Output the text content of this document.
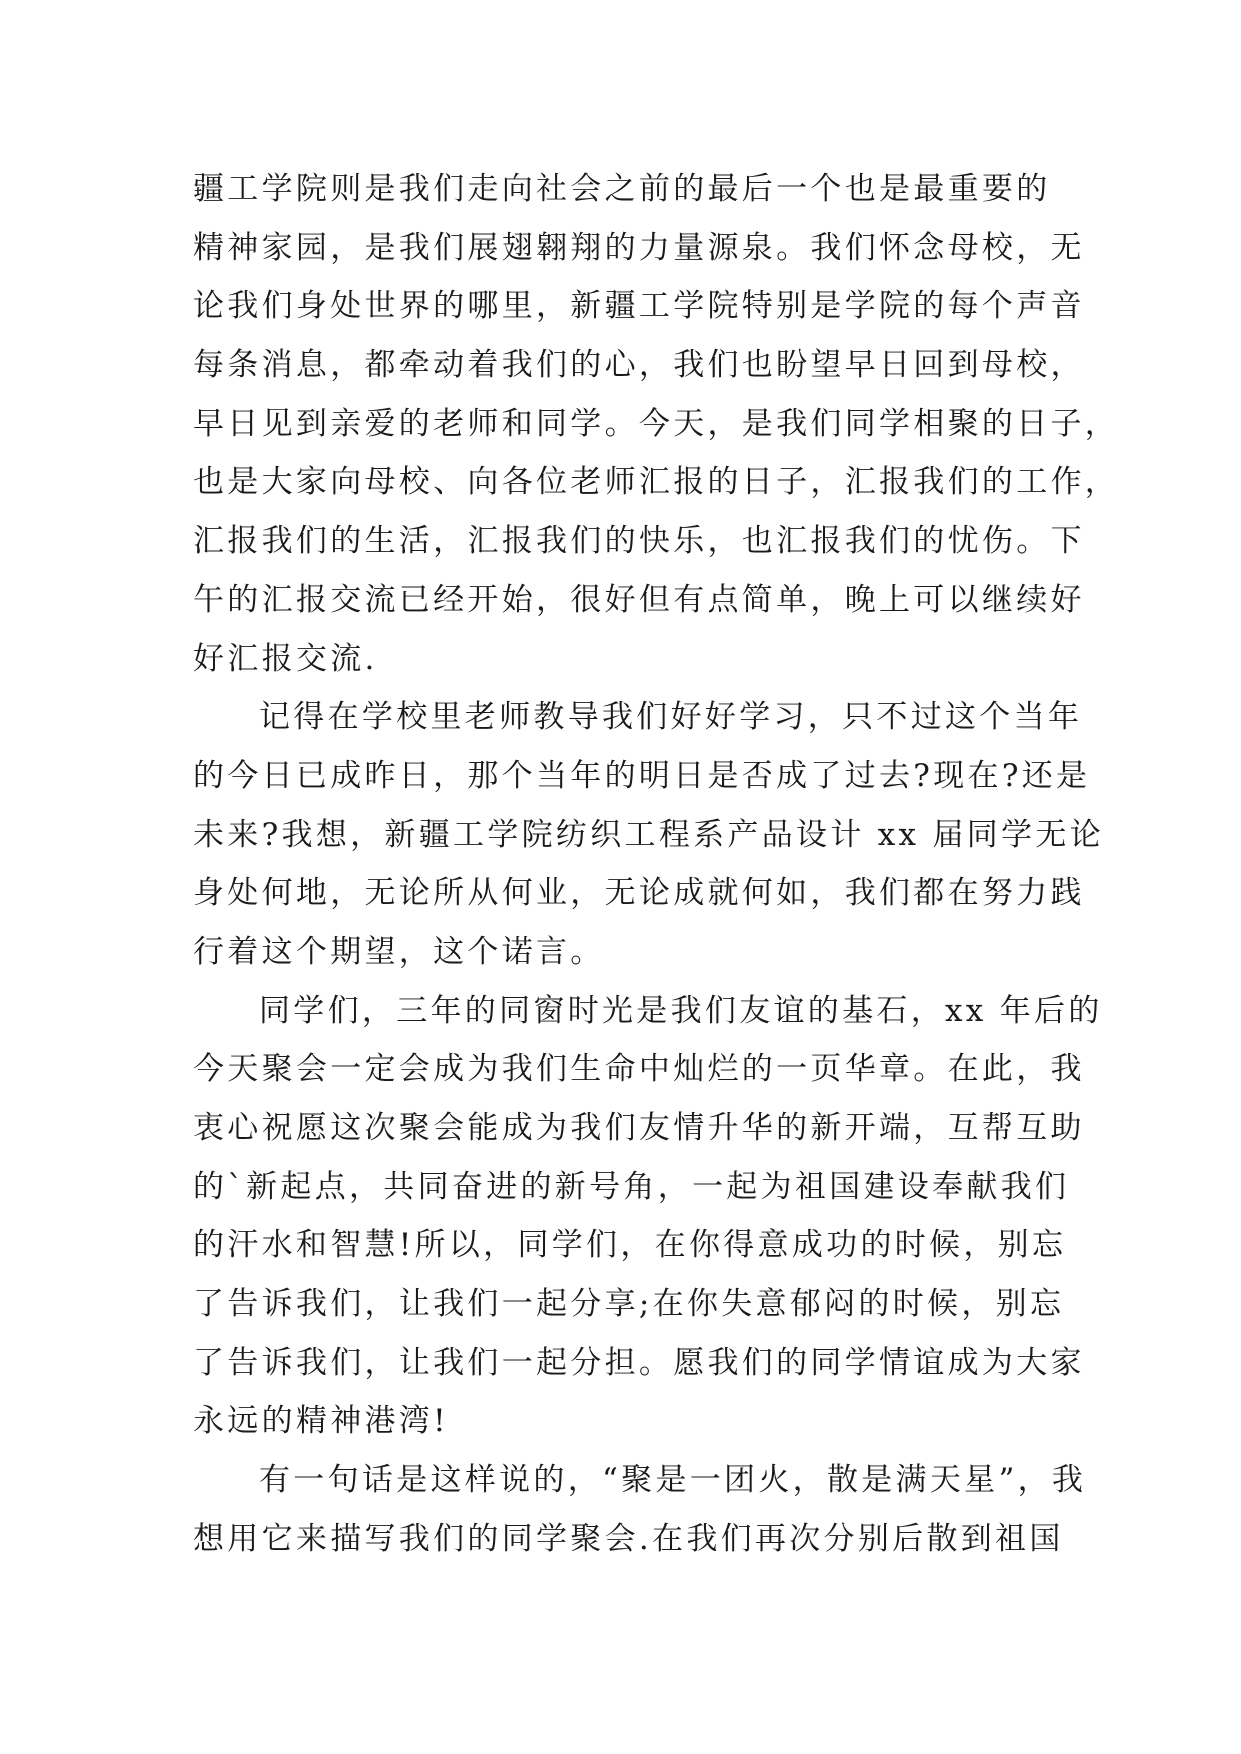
疆工学院则是我们走向社会之前的最后一个也是最重要的
精神家园，是我们展翅翱翔的力量源泉。我们怀念母校，无
论我们身处世界的哪里，新疆工学院特别是学院的每个声音
每条消息，都牵动着我们的心，我们也盼望早日回到母校，
早日见到亲爱的老师和同学。今天，是我们同学相聚的日子，
也是大家向母校、向各位老师汇报的日子，汇报我们的工作，
汇报我们的生活，汇报我们的快乐，也汇报我们的忧伤。下
午的汇报交流已经开始，很好但有点简单，晚上可以继续好
好汇报交流.
记得在学校里老师教导我们好好学习，只不过这个当年
的今日已成昨日，那个当年的明日是否成了过去?现在?还是
未来?我想，新疆工学院纺织工程系产品设计 xx 届同学无论
身处何地，无论所从何业，无论成就何如，我们都在努力践
行着这个期望，这个诺言。
同学们，三年的同窗时光是我们友谊的基石，xx 年后的
今天聚会一定会成为我们生命中灿烂的一页华章。在此，我
衷心祝愿这次聚会能成为我们友情升华的新开端，互帮互助
的`新起点，共同奋进的新号角，一起为祖国建设奉献我们
的汗水和智慧!所以，同学们，在你得意成功的时候，别忘
了告诉我们，让我们一起分享;在你失意郁闷的时候，别忘
了告诉我们，让我们一起分担。愿我们的同学情谊成为大家
永远的精神港湾!
有一句话是这样说的，“聚是一团火，散是满天星”，我
想用它来描写我们的同学聚会.在我们再次分别后散到祖国
